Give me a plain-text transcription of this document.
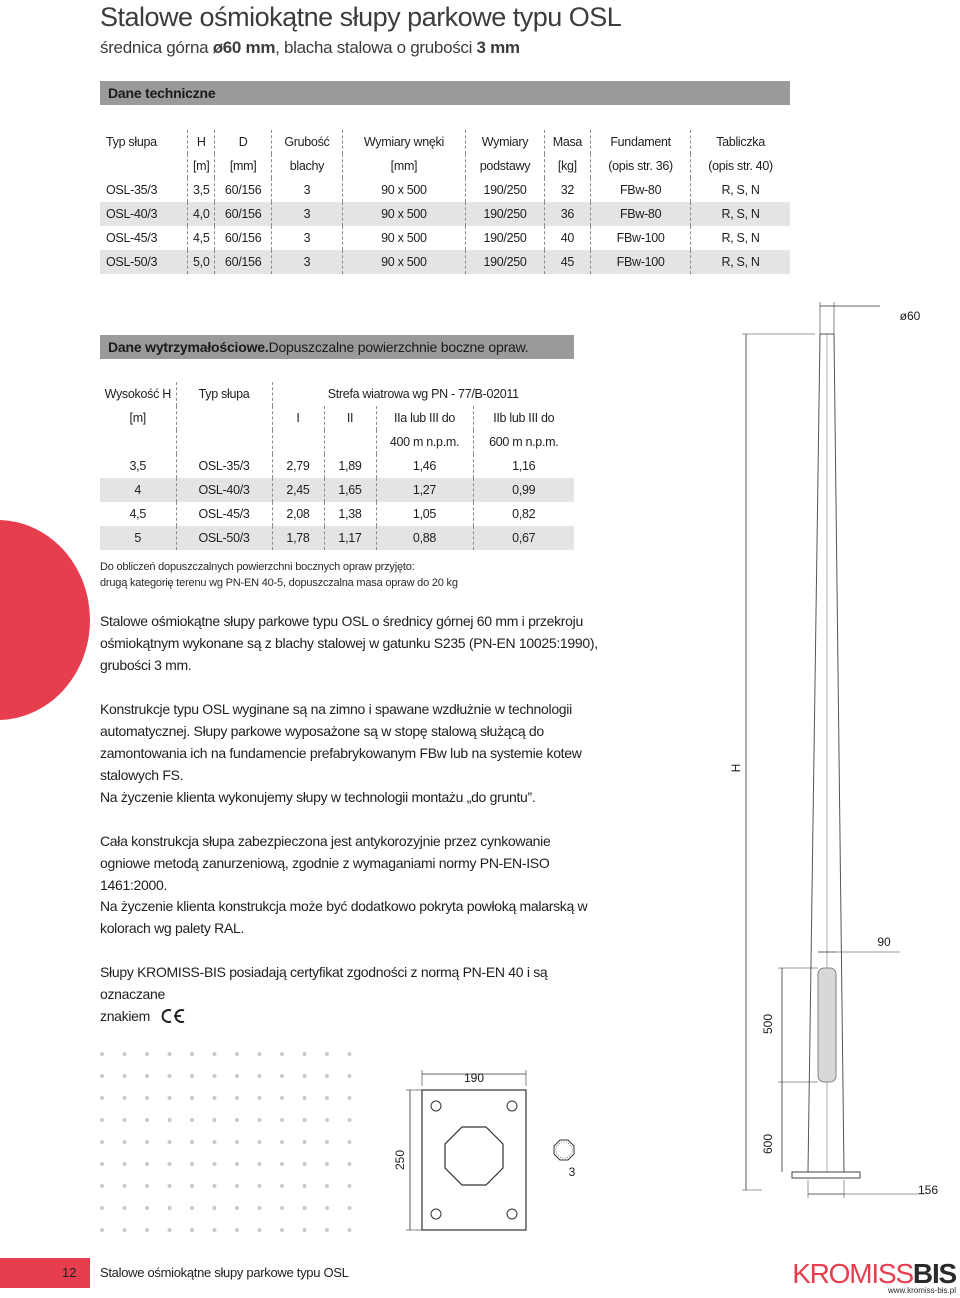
Stalowe ośmiokątne słupy parkowe typu OSL
średnica górna ø60 mm, blacha stalowa o grubości 3 mm
Dane techniczne
Typ słupa	H	D	Grubość	Wymiary wnęki	Wymiary	Masa	Fundament	Tabliczka
	[m]	[mm]	blachy	[mm]	podstawy	[kg]	(opis str. 36)	(opis str. 40)
OSL-35/3	3,5	60/156	3	90 x 500	190/250	32	FBw-80	R, S, N
OSL-40/3	4,0	60/156	3	90 x 500	190/250	36	FBw-80	R, S, N
OSL-45/3	4,5	60/156	3	90 x 500	190/250	40	FBw-100	R, S, N
OSL-50/3	5,0	60/156	3	90 x 500	190/250	45	FBw-100	R, S, N
Dane wytrzymałościowe. Dopuszczalne powierzchnie boczne opraw.
Wysokość H	Typ słupa	Strefa wiatrowa wg PN - 77/B-02011			
[m]		I	II	IIa lub III do	IIb lub III do
				400 m n.p.m.	600 m n.p.m.
3,5	OSL-35/3	2,79	1,89	1,46	1,16
4	OSL-40/3	2,45	1,65	1,27	0,99
4,5	OSL-45/3	2,08	1,38	1,05	0,82
5	OSL-50/3	1,78	1,17	0,88	0,67
Do obliczeń dopuszczalnych powierzchni bocznych opraw przyjęto:
drugą kategorię terenu wg PN-EN 40-5, dopuszczalna masa opraw do 20 kg

Stalowe ośmiokątne słupy parkowe typu OSL o średnicy górnej 60 mm i przekroju ośmiokątnym wykonane są z blachy stalowej w gatunku S235 (PN-EN 10025:1990), grubości 3 mm.

Konstrukcje typu OSL wyginane są na zimno i spawane wzdłużnie w technologii automatycznej. Słupy parkowe wyposażone są w stopę stalową służącą do zamontowania ich na fundamencie prefabrykowanym FBw lub na systemie kotew stalowych FS.

Na życzenie klienta wykonujemy słupy w technologii montażu „do gruntu”.

Cała konstrukcja słupa zabezpieczona jest antykorozyjnie przez cynkowanie ogniowe metodą zanurzeniową, zgodnie z wymaganiami normy PN-EN-ISO 1461:2000.

Na życzenie klienta konstrukcja może być dodatkowo pokryta powłoką malarską w kolorach wg palety RAL.

Słupy KROMISS-BIS posiadają certyfikat zgodności z normą PN-EN 40 i są oznaczane

znakiem

190
250
3
ø60
H
90
500
600
156
12 Stalowe ośmiokątne słupy parkowe typu OSL	KROMISSBIS
www.kromiss-bis.pl
